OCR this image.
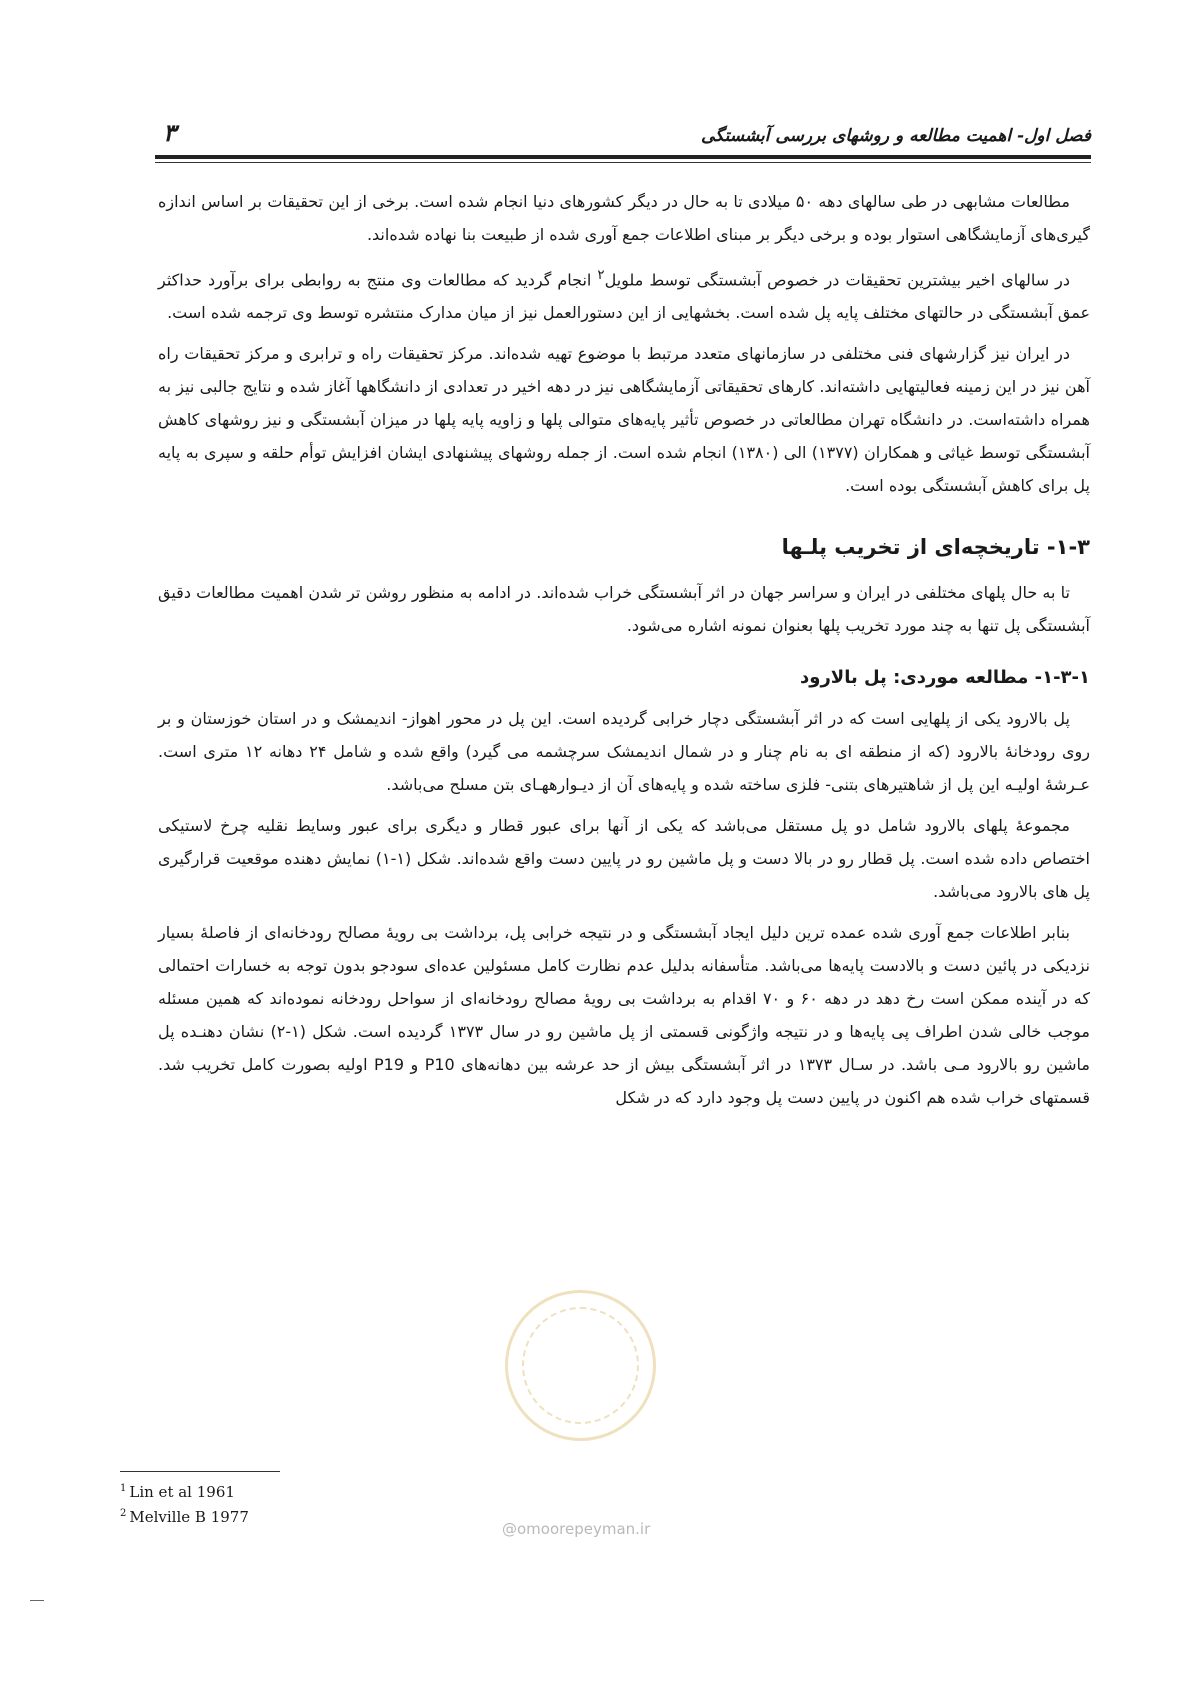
فصل اول- اهمیت مطالعه و روشهای بررسی آبشستگی
۳

مطالعات مشابهی در طی سالهای دهه ۵۰ میلادی تا به حال در دیگر کشورهای دنیا انجام شده است. برخی از این تحقیقات بر اساس اندازه گیری‌های آزمایشگاهی استوار بوده و برخی دیگر بر مبنای اطلاعات جمع آوری شده از طبیعت بنا نهاده شده‌اند.

در سالهای اخیر بیشترین تحقیقات در خصوص آبشستگی توسط ملویل$^۲$ انجام گردید که مطالعات وی منتج به روابطی برای برآورد حداکثر عمق آبشستگی در حالتهای مختلف پایه پل شده است. بخشهایی از این دستورالعمل نیز از میان مدارک منتشره توسط وی ترجمه شده است.

در ایران نیز گزارشهای فنی مختلفی در سازمانهای متعدد مرتبط با موضوع تهیه شده‌اند. مرکز تحقیقات راه و ترابری و مرکز تحقیقات راه آهن نیز در این زمینه فعالیتهایی داشته‌اند. کارهای تحقیقاتی آزمایشگاهی نیز در دهه اخیر در تعدادی از دانشگاهها آغاز شده و نتایج جالبی نیز به همراه داشته‌است. در دانشگاه تهران مطالعاتی در خصوص تأثیر پایه‌های متوالی پلها و زاویه پایه پلها در میزان آبشستگی و نیز روشهای کاهش آبشستگی توسط غیاثی و همکاران (۱۳۷۷) الی (۱۳۸۰) انجام شده است. از جمله روشهای پیشنهادی ایشان افزایش توأم حلقه و سپری به پایه پل برای کاهش آبشستگی بوده است.

۱-۳- تاریخچه‌ای از تخریب پلـها

تا به حال پلهای مختلفی در ایران و سراسر جهان در اثر آبشستگی خراب شده‌اند. در ادامه به منظور روشن تر شدن اهمیت مطالعات دقیق آبشستگی پل تنها به چند مورد تخریب پلها بعنوان نمونه اشاره می‌شود.

۱-۳-۱- مطالعه موردی: پل بالارود

پل بالارود یکی از پلهایی است که در اثر آبشستگی دچار خرابی گردیده است. این پل در محور اهواز- اندیمشک و در استان خوزستان و بر روی رودخانهٔ بالارود (که از منطقه ای به نام چنار و در شمال اندیمشک سرچشمه می گیرد) واقع شده و شامل ۲۴ دهانه ۱۲ متری است. عـرشهٔ اولیـه این پل از شاهتیرهای بتنی- فلزی ساخته شده و پایه‌های آن از دیـوارههـای بتن مسلح می‌باشد.

مجموعهٔ پلهای بالارود شامل دو پل مستقل می‌باشد که یکی از آنها برای عبور قطار و دیگری برای عبور وسایط نقلیه چرخ لاستیکی اختصاص داده شده است. پل قطار رو در بالا دست و پل ماشین رو در پایین دست واقع شده‌اند. شکل (۱-۱) نمایش دهنده موقعیت قرارگیری پل های بالارود می‌باشد.

بنابر اطلاعات جمع آوری شده عمده ترین دلیل ایجاد آبشستگی و در نتیجه خرابی پل، برداشت بی رویهٔ مصالح رودخانه‌ای از فاصلهٔ بسیار نزدیکی در پائین دست و بالادست پایه‌ها می‌باشد. متأسفانه بدلیل عدم نظارت کامل مسئولین عده‌ای سودجو بدون توجه به خسارات احتمالی که در آینده ممکن است رخ دهد در دهه ۶۰ و ۷۰ اقدام به برداشت بی رویهٔ مصالح رودخانه‌ای از سواحل رودخانه نموده‌اند که همین مسئله موجب خالی شدن اطراف پی پایه‌ها و در نتیجه واژگونی قسمتی از پل ماشین رو در سال ۱۳۷۳ گردیده است. شکل (۱-۲) نشان دهنـده پل ماشین رو بالارود مـی باشد. در سـال ۱۳۷۳ در اثر آبشستگی بیش از حد عرشه بین دهانه‌های P10 و P19 اولیه بصورت کامل تخریب شد. قسمتهای خراب شده هم اکنون در پایین دست پل وجود دارد که در شکل

$^1$ Lin et al 1961
$^2$ Melville B 1977
@omoorepeyman.ir
